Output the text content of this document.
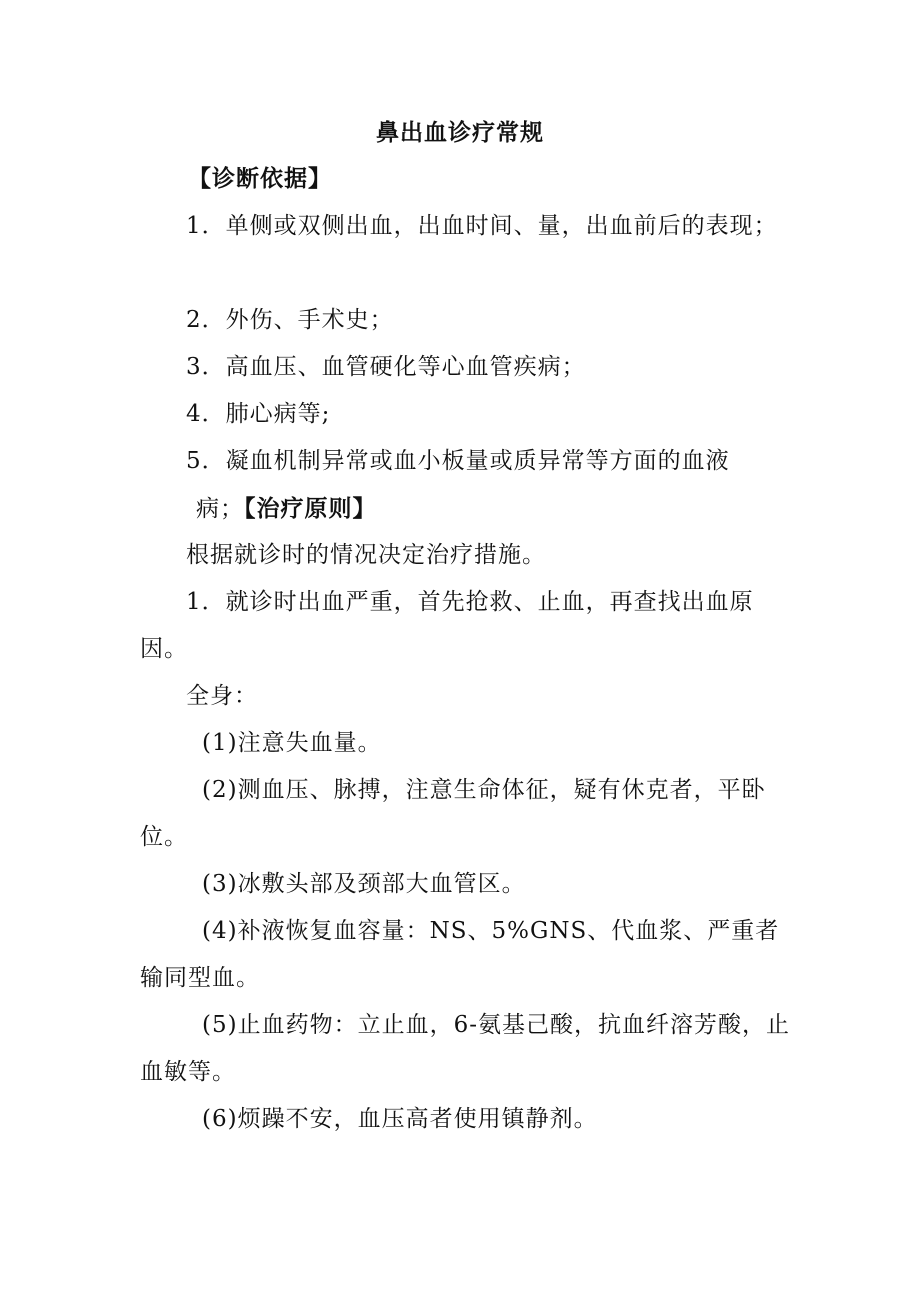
鼻出血诊疗常规
【诊断依据】
1．单侧或双侧出血，出血时间、量，出血前后的表现；
2．外伤、手术史；
3．高血压、血管硬化等心血管疾病；
4．肺心病等;
5．凝血机制异常或血小板量或质异常等方面的血液
病；【治疗原则】
根据就诊时的情况决定治疗措施。
1．就诊时出血严重，首先抢救、止血，再查找出血原因。
全身：
(1)注意失血量。
(2)测血压、脉搏，注意生命体征，疑有休克者，平卧位。
(3)冰敷头部及颈部大血管区。
(4)补液恢复血容量：NS、5%GNS、代血浆、严重者输同型血。
(5)止血药物：立止血，6-氨基己酸，抗血纤溶芳酸，止血敏等。
(6)烦躁不安，血压高者使用镇静剂。
